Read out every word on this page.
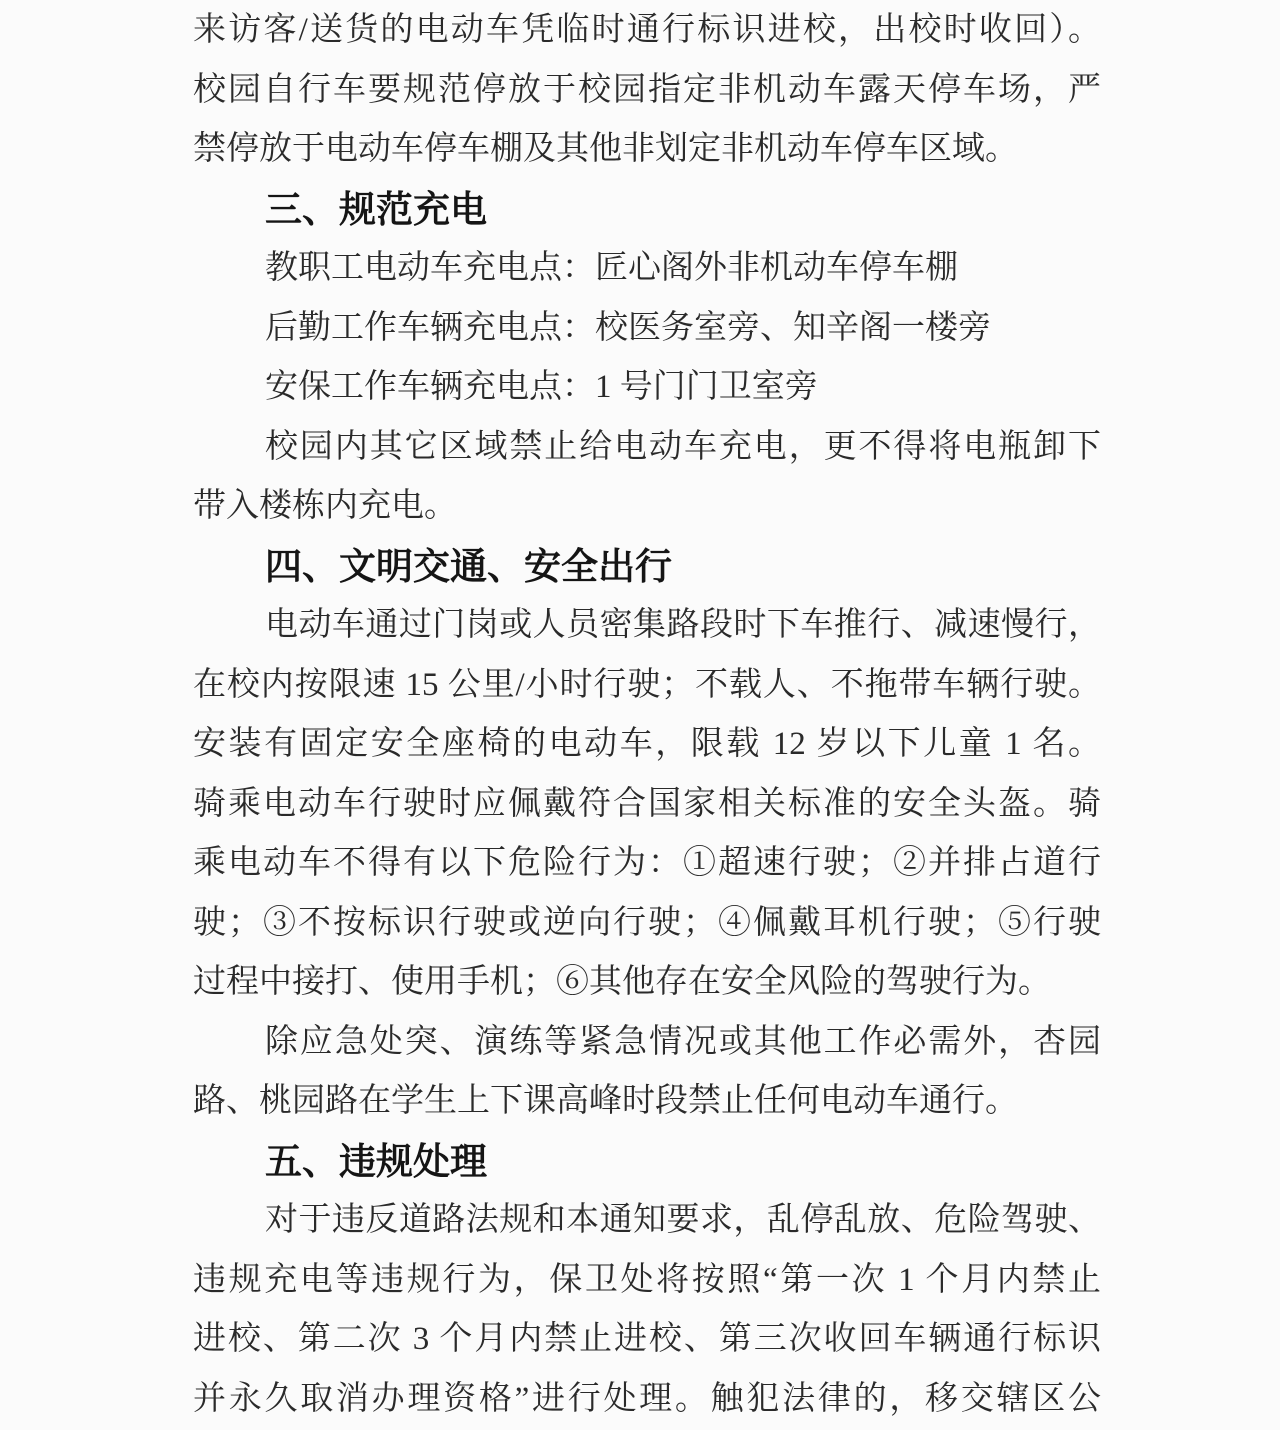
来访客/送货的电动车凭临时通行标识进校，出校时收回）。
校园自行车要规范停放于校园指定非机动车露天停车场，严
禁停放于电动车停车棚及其他非划定非机动车停车区域。
三、规范充电
教职工电动车充电点：匠心阁外非机动车停车棚
后勤工作车辆充电点：校医务室旁、知辛阁一楼旁
安保工作车辆充电点：1 号门门卫室旁
校园内其它区域禁止给电动车充电，更不得将电瓶卸下
带入楼栋内充电。
四、文明交通、安全出行
电动车通过门岗或人员密集路段时下车推行、减速慢行，
在校内按限速 15 公里/小时行驶；不载人、不拖带车辆行驶。
安装有固定安全座椅的电动车，限载 12 岁以下儿童 1 名。
骑乘电动车行驶时应佩戴符合国家相关标准的安全头盔。骑
乘电动车不得有以下危险行为：①超速行驶；②并排占道行
驶；③不按标识行驶或逆向行驶；④佩戴耳机行驶；⑤行驶
过程中接打、使用手机；⑥其他存在安全风险的驾驶行为。
除应急处突、演练等紧急情况或其他工作必需外，杏园
路、桃园路在学生上下课高峰时段禁止任何电动车通行。
五、违规处理
对于违反道路法规和本通知要求，乱停乱放、危险驾驶、
违规充电等违规行为，保卫处将按照“第一次 1 个月内禁止
进校、第二次 3 个月内禁止进校、第三次收回车辆通行标识
并永久取消办理资格”进行处理。触犯法律的，移交辖区公
